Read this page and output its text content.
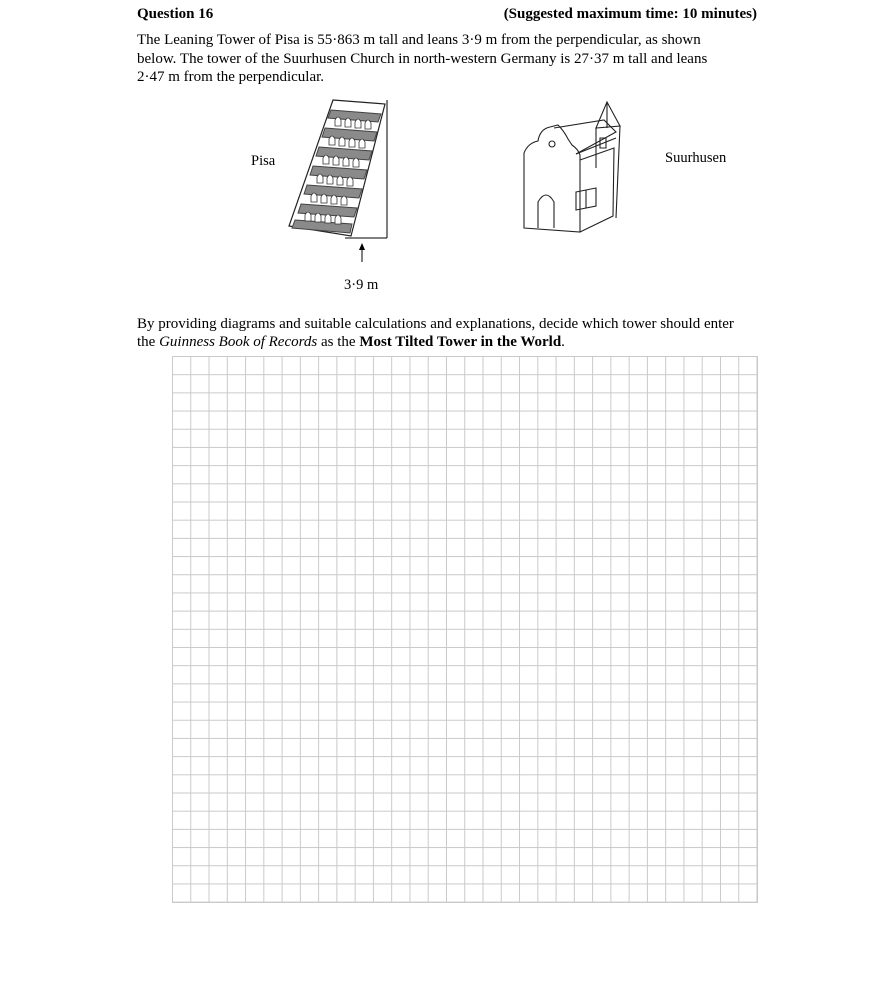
Question 16	(Suggested maximum time: 10 minutes)
The Leaning Tower of Pisa is 55·863 m tall and leans 3·9 m from the perpendicular, as shown
below. The tower of the Suurhusen Church in north-western Germany is 27·37 m tall and leans
2·47 m from the perpendicular.
Pisa
3·9 m
Suurhusen
By providing diagrams and suitable calculations and explanations, decide which tower should enter
the Guinness Book of Records as the Most Tilted Tower in the World.
